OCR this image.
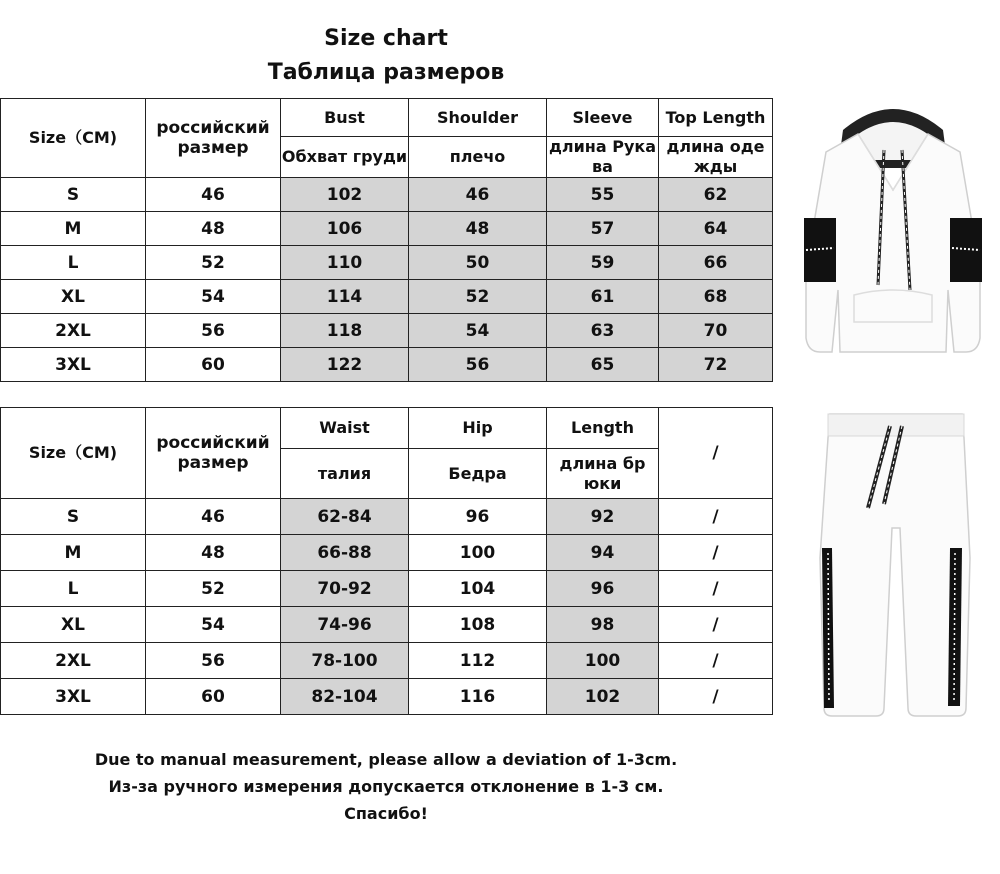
Size chart
Таблица размеров
Size（CM)	российский размер	Bust	Shoulder	Sleeve	Top Length
		Обхват груди	плечо	длина Рука ва	длина оде жды
S	46	102	46	55	62
M	48	106	48	57	64
L	52	110	50	59	66
XL	54	114	52	61	68
2XL	56	118	54	63	70
3XL	60	122	56	65	72
Size（CM)	российский размер	Waist	Hip	Length	/
		талия	Бедра	длина бр юки	
S	46	62-84	96	92	/
M	48	66-88	100	94	/
L	52	70-92	104	96	/
XL	54	74-96	108	98	/
2XL	56	78-100	112	100	/
3XL	60	82-104	116	102	/
Due to manual measurement, please allow a deviation of 1-3cm.
Из-за ручного измерения допускается отклонение в 1-3 см.
Спасибо!
